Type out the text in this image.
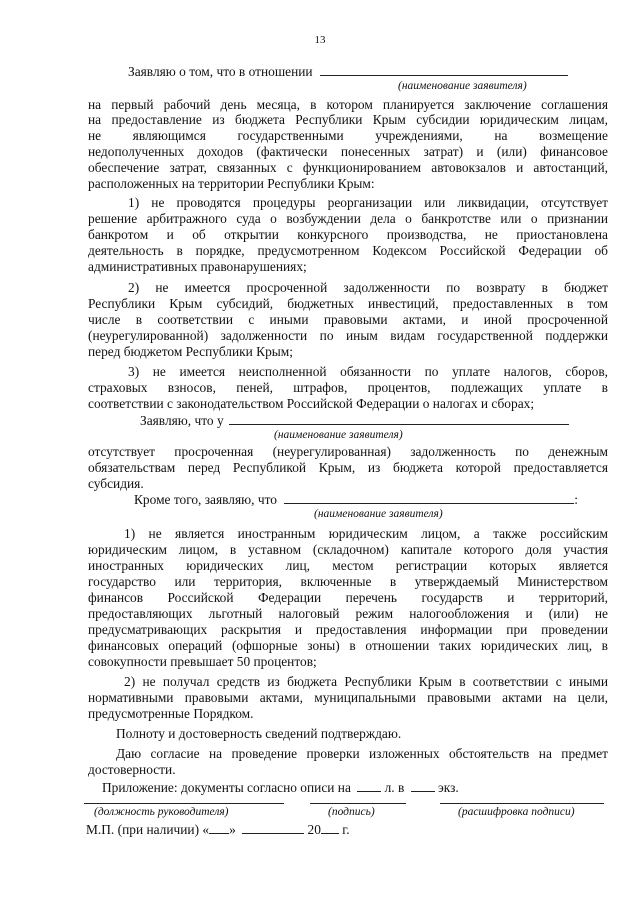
13
Заявляю о том, что в отношении
(наименование заявителя)
на первый рабочий день месяца, в котором планируется заключение соглашения
на предоставление из бюджета Республики Крым субсидии юридическим лицам,
не являющимся государственными учреждениями, на возмещение
недополученных доходов (фактически понесенных затрат) и (или) финансовое
обеспечение затрат, связанных с функционированием автовокзалов и автостанций,
расположенных на территории Республики Крым:
1) не проводятся процедуры реорганизации или ликвидации, отсутствует
решение арбитражного суда о возбуждении дела о банкротстве или о признании
банкротом и об открытии конкурсного производства, не приостановлена
деятельность в порядке, предусмотренном Кодексом Российской Федерации об
административных правонарушениях;
2) не имеется просроченной задолженности по возврату в бюджет
Республики Крым субсидий, бюджетных инвестиций, предоставленных в том
числе в соответствии с иными правовыми актами, и иной просроченной
(неурегулированной) задолженности по иным видам государственной поддержки
перед бюджетом Республики Крым;
3) не имеется неисполненной обязанности по уплате налогов, сборов,
страховых взносов, пеней, штрафов, процентов, подлежащих уплате в
соответствии с законодательством Российской Федерации о налогах и сборах;
Заявляю, что у
(наименование заявителя)
отсутствует просроченная (неурегулированная) задолженность по денежным
обязательствам перед Республикой Крым, из бюджета которой предоставляется
субсидия.
Кроме того, заявляю, что	:
(наименование заявителя)
1) не является иностранным юридическим лицом, а также российским
юридическим лицом, в уставном (складочном) капитале которого доля участия
иностранных юридических лиц, местом регистрации которых является
государство или территория, включенные в утверждаемый Министерством
финансов Российской Федерации перечень государств и территорий,
предоставляющих льготный налоговый режим налогообложения и (или) не
предусматривающих раскрытия и предоставления информации при проведении
финансовых операций (офшорные зоны) в отношении таких юридических лиц, в
совокупности превышает 50 процентов;
2) не получал средств из бюджета Республики Крым в соответствии с иными
нормативными правовыми актами, муниципальными правовыми актами на цели,
предусмотренные Порядком.
Полноту и достоверность сведений подтверждаю.
Даю согласие на проведение проверки изложенных обстоятельств на предмет
достоверности.
Приложение: документы согласно описи на	л. в	экз.
(должность руководителя)	(подпись)	(расшифровка подписи)
М.П. (при наличии) « »	20 г.
